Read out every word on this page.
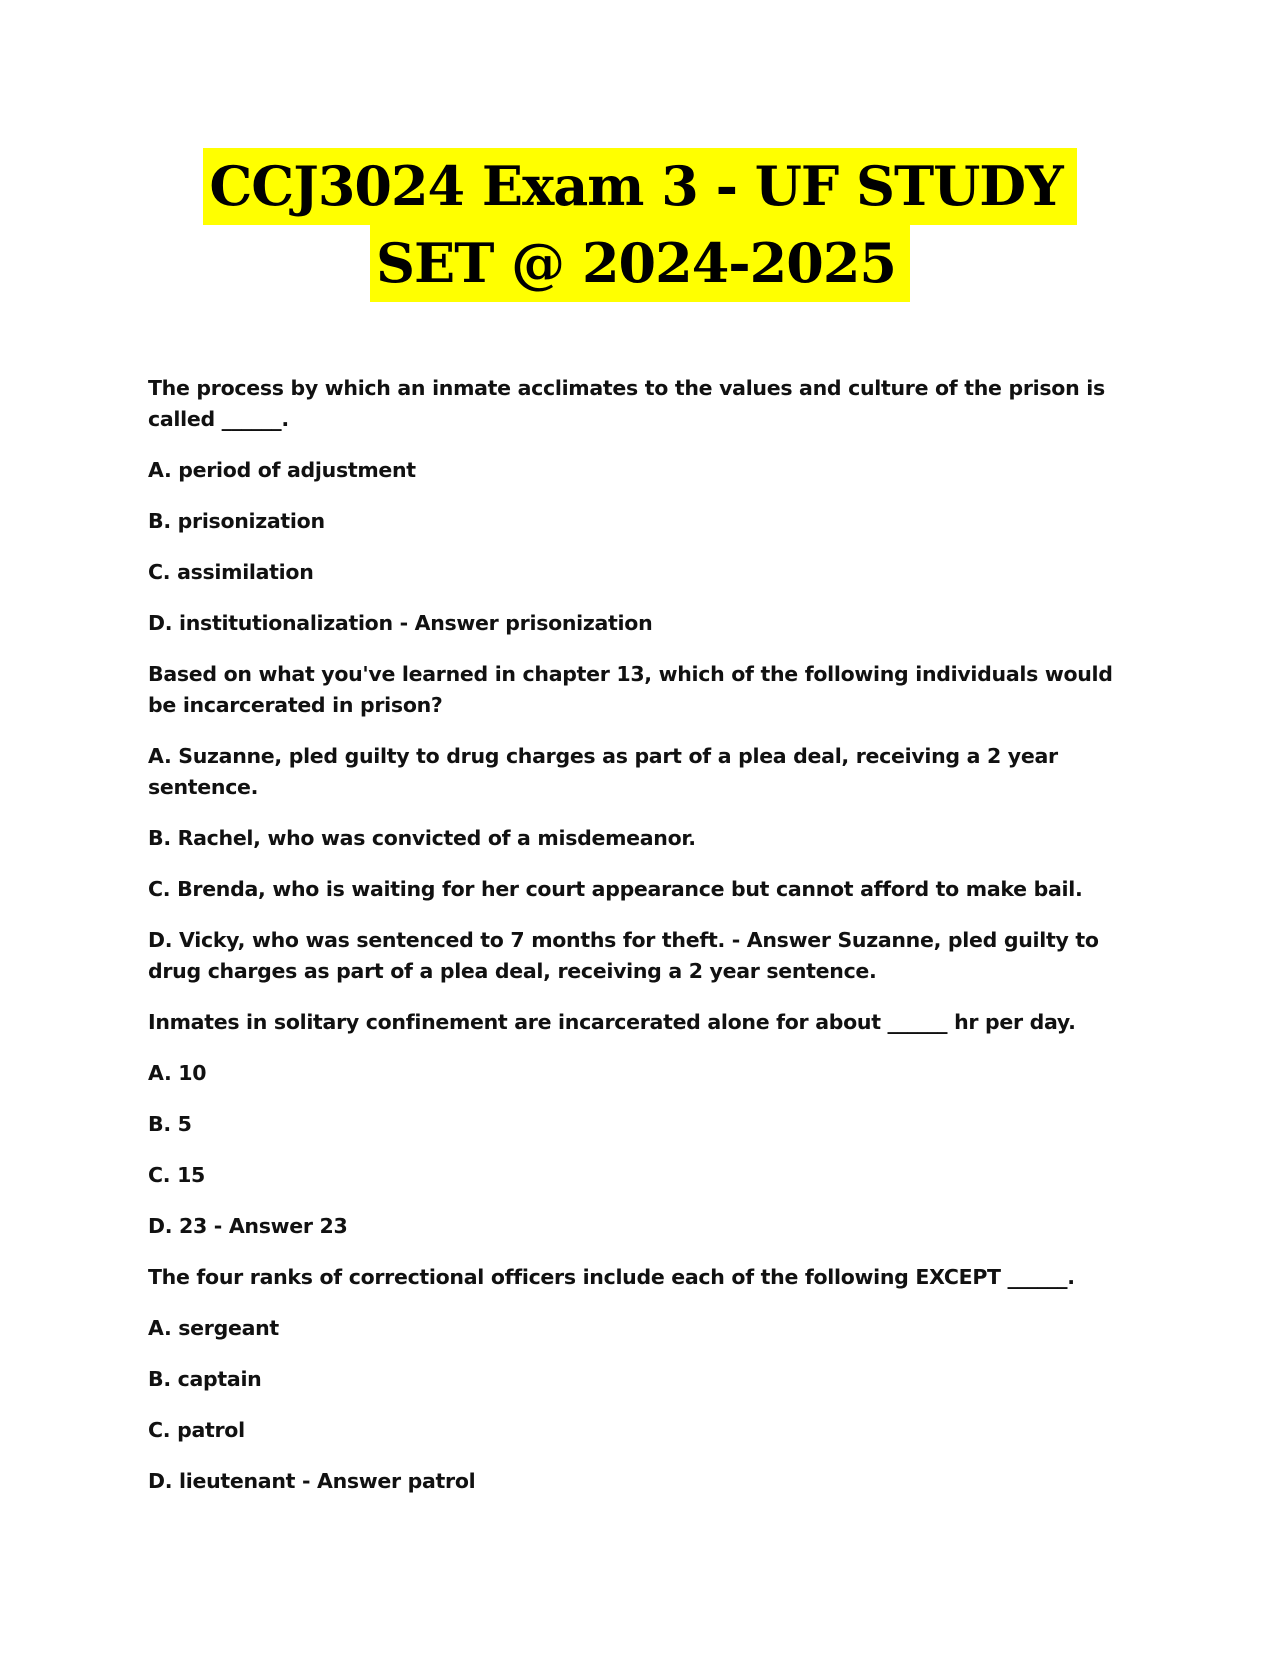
CCJ3024 Exam 3 - UF STUDY
SET @ 2024-2025

The process by which an inmate acclimates to the values and culture of the prison is called ______.

A. period of adjustment

B. prisonization

C. assimilation

D. institutionalization - Answer prisonization

Based on what you've learned in chapter 13, which of the following individuals would be incarcerated in prison?

A. Suzanne, pled guilty to drug charges as part of a plea deal, receiving a 2 year sentence.

B. Rachel, who was convicted of a misdemeanor.

C. Brenda, who is waiting for her court appearance but cannot afford to make bail.

D. Vicky, who was sentenced to 7 months for theft. - Answer Suzanne, pled guilty to drug charges as part of a plea deal, receiving a 2 year sentence.

Inmates in solitary confinement are incarcerated alone for about ______ hr per day.

A. 10

B. 5

C. 15

D. 23 - Answer 23

The four ranks of correctional officers include each of the following EXCEPT ______.

A. sergeant

B. captain

C. patrol

D. lieutenant - Answer patrol
